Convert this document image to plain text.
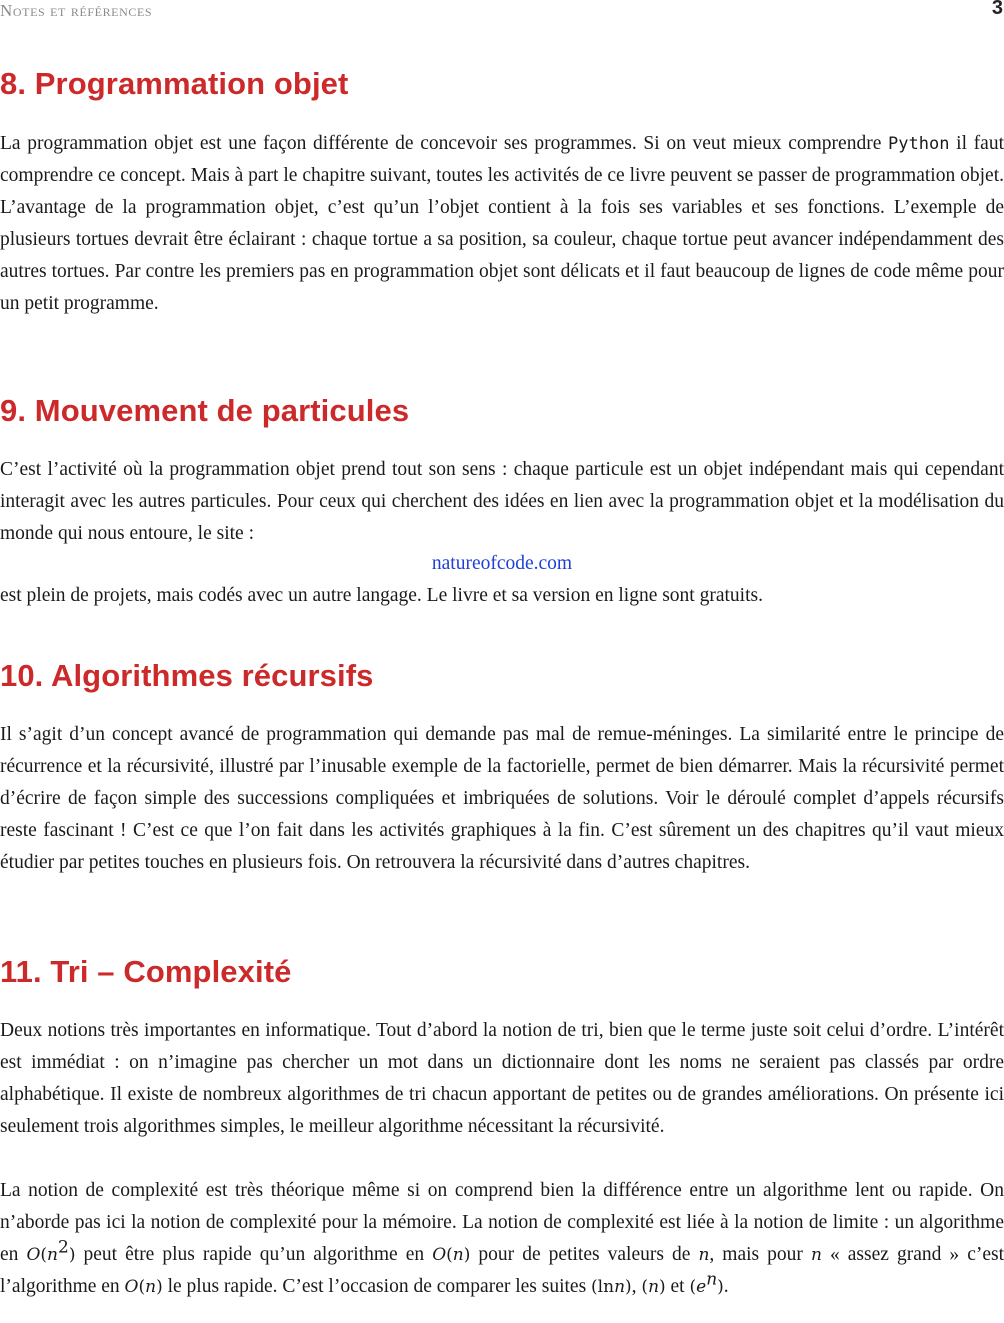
Notes et références	3
8. Programmation objet

La programmation objet est une façon différente de concevoir ses programmes. Si on veut mieux comprendre Python il faut comprendre ce concept. Mais à part le chapitre suivant, toutes les activités de ce livre peuvent se passer de programmation objet. L’avantage de la programmation objet, c’est qu’un l’objet contient à la fois ses variables et ses fonctions. L’exemple de plusieurs tortues devrait être éclairant : chaque tortue a sa position, sa couleur, chaque tortue peut avancer indépendamment des autres tortues. Par contre les premiers pas en programmation objet sont délicats et il faut beaucoup de lignes de code même pour un petit programme.

9. Mouvement de particules

C’est l’activité où la programmation objet prend tout son sens : chaque particule est un objet indépendant mais qui cependant interagit avec les autres particules. Pour ceux qui cherchent des idées en lien avec la programmation objet et la modélisation du monde qui nous entoure, le site :

natureofcode.com

est plein de projets, mais codés avec un autre langage. Le livre et sa version en ligne sont gratuits.

10. Algorithmes récursifs

Il s’agit d’un concept avancé de programmation qui demande pas mal de remue-méninges. La similarité entre le principe de récurrence et la récursivité, illustré par l’inusable exemple de la factorielle, permet de bien démarrer. Mais la récursivité permet d’écrire de façon simple des successions compliquées et imbriquées de solutions. Voir le déroulé complet d’appels récursifs reste fascinant ! C’est ce que l’on fait dans les activités graphiques à la fin. C’est sûrement un des chapitres qu’il vaut mieux étudier par petites touches en plusieurs fois. On retrouvera la récursivité dans d’autres chapitres.

11. Tri – Complexité

Deux notions très importantes en informatique. Tout d’abord la notion de tri, bien que le terme juste soit celui d’ordre. L’intérêt est immédiat : on n’imagine pas chercher un mot dans un dictionnaire dont les noms ne seraient pas classés par ordre alphabétique. Il existe de nombreux algorithmes de tri chacun apportant de petites ou de grandes améliorations. On présente ici seulement trois algorithmes simples, le meilleur algorithme nécessitant la récursivité.

La notion de complexité est très théorique même si on comprend bien la différence entre un algorithme lent ou rapide. On n’aborde pas ici la notion de complexité pour la mémoire. La notion de complexité est liée à la notion de limite : un algorithme en $O(n^2)$ peut être plus rapide qu’un algorithme en O(n) pour de petites valeurs de n, mais pour n « assez grand » c’est l’algorithme en O(n) le plus rapide. C’est l’occasion de comparer les suites (lnn), (n) et $(e^n)$.
